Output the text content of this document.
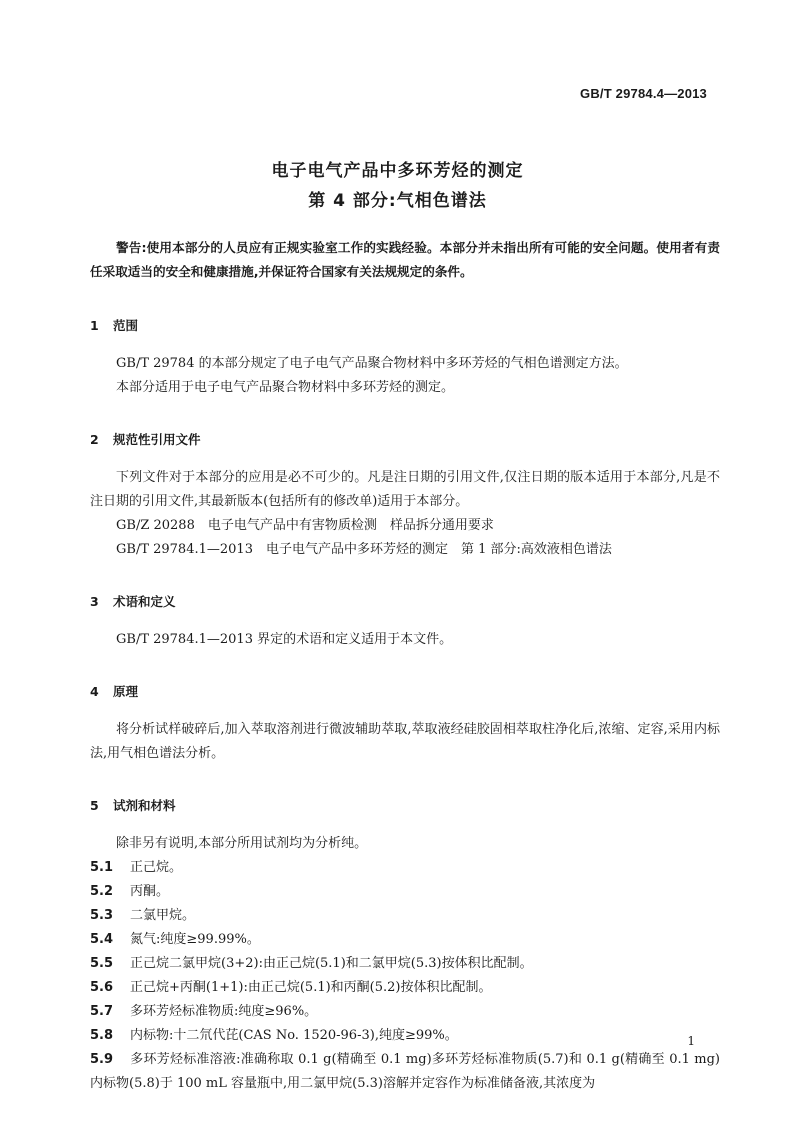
GB/T 29784.4—2013
电子电气产品中多环芳烃的测定
第 4 部分:气相色谱法

警告:使用本部分的人员应有正规实验室工作的实践经验。本部分并未指出所有可能的安全问题。使用者有责任采取适当的安全和健康措施,并保证符合国家有关法规规定的条件。

1 范围
GB/T 29784 的本部分规定了电子电气产品聚合物材料中多环芳烃的气相色谱测定方法。
本部分适用于电子电气产品聚合物材料中多环芳烃的测定。
2 规范性引用文件

下列文件对于本部分的应用是必不可少的。凡是注日期的引用文件,仅注日期的版本适用于本部分,凡是不注日期的引用文件,其最新版本(包括所有的修改单)适用于本部分。

GB/Z 20288　电子电气产品中有害物质检测　样品拆分通用要求
GB/T 29784.1—2013　电子电气产品中多环芳烃的测定　第 1 部分:高效液相色谱法
3 术语和定义
GB/T 29784.1—2013 界定的术语和定义适用于本文件。
4 原理

将分析试样破碎后,加入萃取溶剂进行微波辅助萃取,萃取液经硅胶固相萃取柱净化后,浓缩、定容,采用内标法,用气相色谱法分析。

5 试剂和材料
除非另有说明,本部分所用试剂均为分析纯。

5.1 正己烷。

5.2 丙酮。

5.3 二氯甲烷。

5.4 氮气:纯度≥99.99%。

5.5 正己烷二氯甲烷(3+2):由正己烷(5.1)和二氯甲烷(5.3)按体积比配制。

5.6 正己烷+丙酮(1+1):由正己烷(5.1)和丙酮(5.2)按体积比配制。

5.7 多环芳烃标准物质:纯度≥96%。

5.8 内标物:十二氘代芘(CAS No. 1520-96-3),纯度≥99%。

5.9 多环芳烃标准溶液:准确称取 0.1 g(精确至 0.1 mg)多环芳烃标准物质(5.7)和 0.1 g(精确至 0.1 mg)内标物(5.8)于 100 mL 容量瓶中,用二氯甲烷(5.3)溶解并定容作为标准储备液,其浓度为

1
